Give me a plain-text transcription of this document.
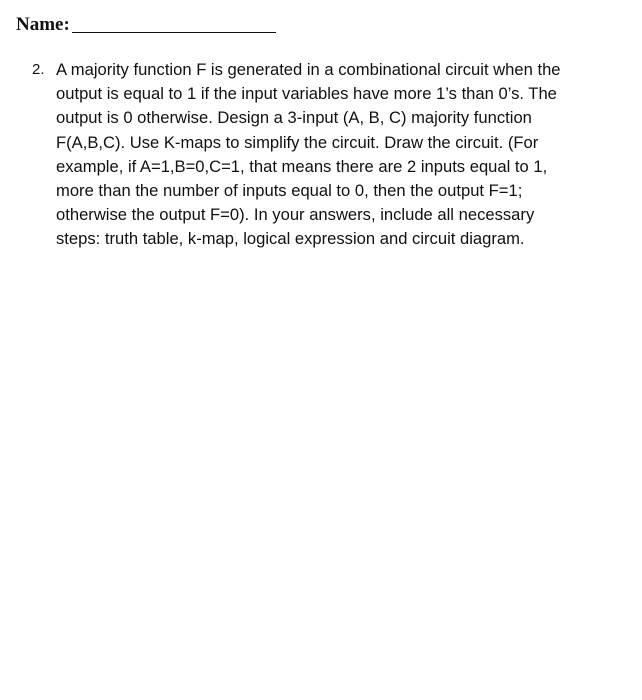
Name:
2. A majority function F is generated in a combinational circuit when the
output is equal to 1 if the input variables have more 1’s than 0’s. The
output is 0 otherwise. Design a 3-input (A, B, C) majority function
F(A,B,C). Use K-maps to simplify the circuit. Draw the circuit. (For
example, if A=1,B=0,C=1, that means there are 2 inputs equal to 1,
more than the number of inputs equal to 0, then the output F=1;
otherwise the output F=0). In your answers, include all necessary
steps: truth table, k-map, logical expression and circuit diagram.
